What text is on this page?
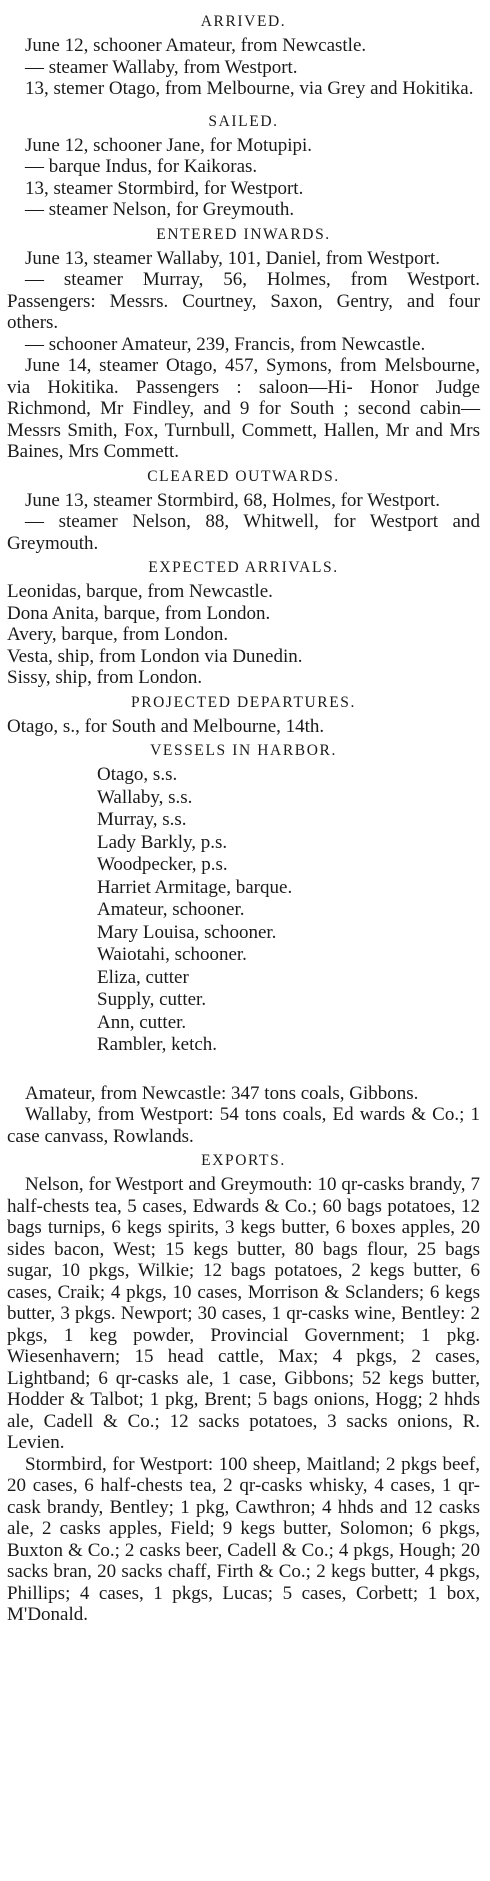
ARRIVED.
June 12, schooner Amateur, from Newcastle.
— steamer Wallaby, from Westport.
13, stemer Otago, from Melbourne, via Grey and Hokitika.
SAILED.
June 12, schooner Jane, for Motupipi.
— barque Indus, for Kaikoras.
13, steamer Stormbird, for Westport.
— steamer Nelson, for Greymouth.
ENTERED INWARDS.

June 13, steamer Wallaby, 101, Daniel, from Westport.

— steamer Murray, 56, Holmes, from Westport. Passengers: Messrs. Courtney, Saxon, Gentry, and four others.

— schooner Amateur, 239, Francis, from Newcastle.

June 14, steamer Otago, 457, Symons, from Melsbourne, via Hokitika. Passengers : saloon—Hi- Honor Judge Richmond, Mr Findley, and 9 for South ; second cabin—Messrs Smith, Fox, Turnbull, Commett, Hallen, Mr and Mrs Baines, Mrs Commett.

CLEARED OUTWARDS.

June 13, steamer Stormbird, 68, Holmes, for Westport.

— steamer Nelson, 88, Whitwell, for Westport and Greymouth.

EXPECTED ARRIVALS.
Leonidas, barque, from Newcastle.
Dona Anita, barque, from London.
Avery, barque, from London.
Vesta, ship, from London via Dunedin.
Sissy, ship, from London.
PROJECTED DEPARTURES.
Otago, s., for South and Melbourne, 14th.
VESSELS IN HARBOR.
Otago, s.s.
Wallaby, s.s.
Murray, s.s.
Lady Barkly, p.s.
Woodpecker, p.s.
Harriet Armitage, barque.
Amateur, schooner.
Mary Louisa, schooner.
Waiotahi, schooner.
Eliza, cutter
Supply, cutter.
Ann, cutter.
Rambler, ketch.

Amateur, from Newcastle: 347 tons coals, Gibbons.

Wallaby, from Westport: 54 tons coals, Ed wards & Co.; 1 case canvass, Rowlands.

EXPORTS.

Nelson, for Westport and Greymouth: 10 qr-casks brandy, 7 half-chests tea, 5 cases, Edwards & Co.; 60 bags potatoes, 12 bags turnips, 6 kegs spirits, 3 kegs butter, 6 boxes apples, 20 sides bacon, West; 15 kegs butter, 80 bags flour, 25 bags sugar, 10 pkgs, Wilkie; 12 bags potatoes, 2 kegs butter, 6 cases, Craik; 4 pkgs, 10 cases, Morrison & Sclanders; 6 kegs butter, 3 pkgs. Newport; 30 cases, 1 qr-casks wine, Bentley: 2 pkgs, 1 keg powder, Provincial Government; 1 pkg. Wiesenhavern; 15 head cattle, Max; 4 pkgs, 2 cases, Lightband; 6 qr-casks ale, 1 case, Gibbons; 52 kegs butter, Hodder & Talbot; 1 pkg, Brent; 5 bags onions, Hogg; 2 hhds ale, Cadell & Co.; 12 sacks potatoes, 3 sacks onions, R. Levien.

Stormbird, for Westport: 100 sheep, Maitland; 2 pkgs beef, 20 cases, 6 half-chests tea, 2 qr-casks whisky, 4 cases, 1 qr-cask brandy, Bentley; 1 pkg, Cawthron; 4 hhds and 12 casks ale, 2 casks apples, Field; 9 kegs butter, Solomon; 6 pkgs, Buxton & Co.; 2 casks beer, Cadell & Co.; 4 pkgs, Hough; 20 sacks bran, 20 sacks chaff, Firth & Co.; 2 kegs butter, 4 pkgs, Phillips; 4 cases, 1 pkgs, Lucas; 5 cases, Corbett; 1 box, M'Donald.
